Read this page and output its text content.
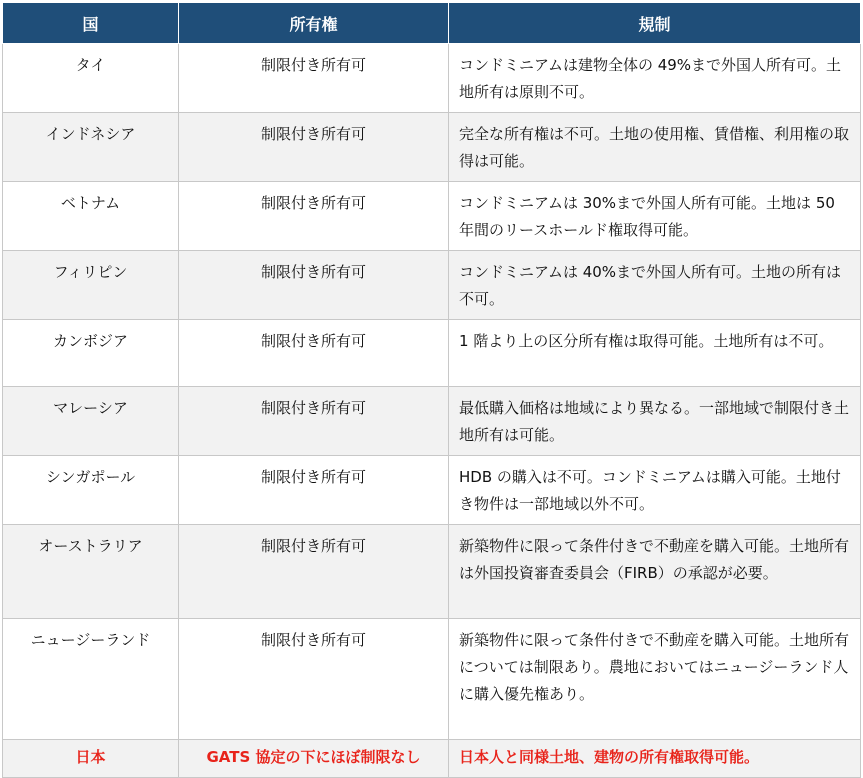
国	所有権	規制
タイ	制限付き所有可	コンドミニアムは建物全体の 49%まで外国人所有可。土地所有は原則不可。
インドネシア	制限付き所有可	完全な所有権は不可。土地の使用権、賃借権、利用権の取得は可能。
ベトナム	制限付き所有可	コンドミニアムは 30%まで外国人所有可能。土地は 50 年間のリースホールド権取得可能。
フィリピン	制限付き所有可	コンドミニアムは 40%まで外国人所有可。土地の所有は不可。
カンボジア	制限付き所有可	1 階より上の区分所有権は取得可能。土地所有は不可。
マレーシア	制限付き所有可	最低購入価格は地域により異なる。一部地域で制限付き土地所有は可能。
シンガポール	制限付き所有可	HDB の購入は不可。コンドミニアムは購入可能。土地付き物件は一部地域以外不可。
オーストラリア	制限付き所有可	新築物件に限って条件付きで不動産を購入可能。土地所有は外国投資審査委員会（FIRB）の承認が必要。
ニュージーランド	制限付き所有可	新築物件に限って条件付きで不動産を購入可能。土地所有については制限あり。農地においてはニュージーランド人に購入優先権あり。
日本	GATS 協定の下にほぼ制限なし	日本人と同様土地、建物の所有権取得可能。
